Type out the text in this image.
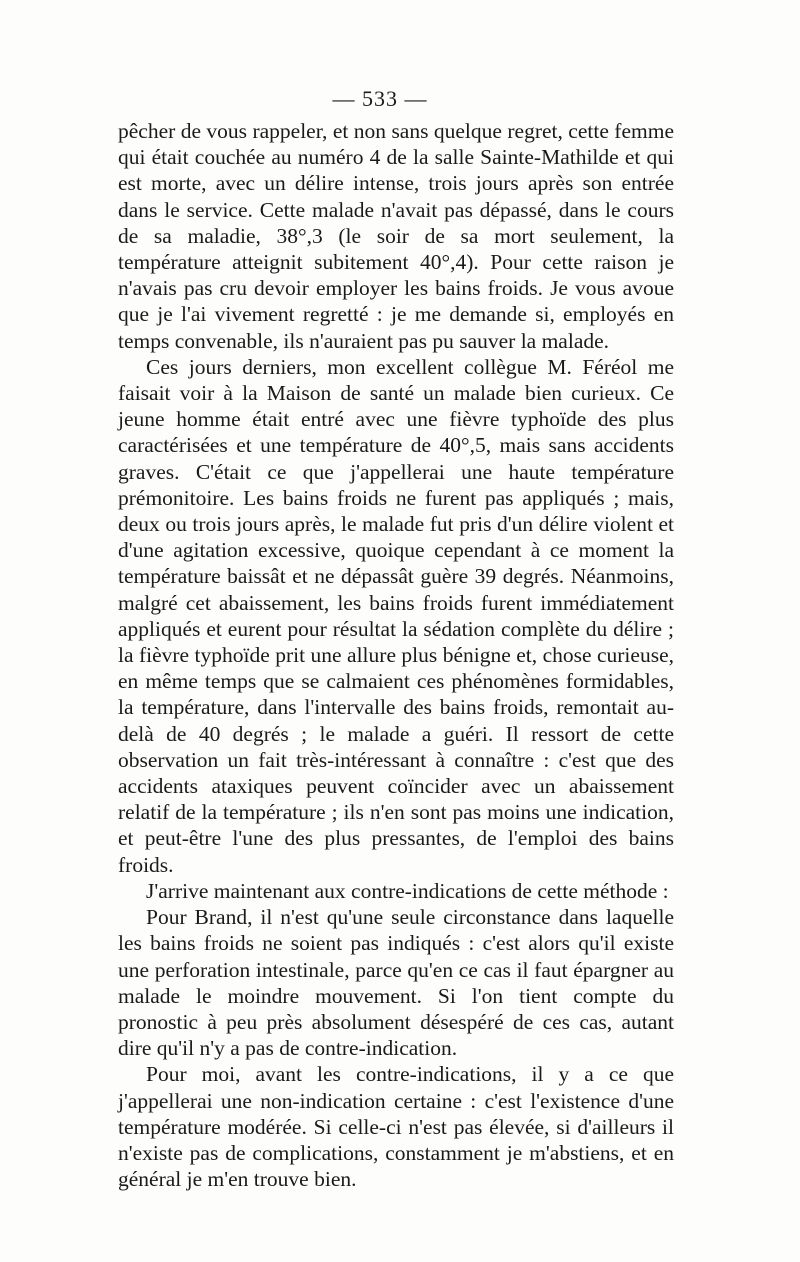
— 533 —

pêcher de vous rappeler, et non sans quelque regret, cette femme qui était couchée au numéro 4 de la salle Sainte-Mathilde et qui est morte, avec un délire intense, trois jours après son entrée dans le service. Cette malade n'avait pas dépassé, dans le cours de sa maladie, 38°,3 (le soir de sa mort seulement, la température atteignit subitement 40°,4). Pour cette raison je n'avais pas cru devoir employer les bains froids. Je vous avoue que je l'ai vivement regretté : je me demande si, employés en temps convenable, ils n'auraient pas pu sauver la malade.

Ces jours derniers, mon excellent collègue M. Féréol me faisait voir à la Maison de santé un malade bien curieux. Ce jeune homme était entré avec une fièvre typhoïde des plus caractérisées et une température de 40°,5, mais sans accidents graves. C'était ce que j'appellerai une haute température prémonitoire. Les bains froids ne furent pas appliqués ; mais, deux ou trois jours après, le malade fut pris d'un délire violent et d'une agitation excessive, quoique cependant à ce moment la température baissât et ne dépassât guère 39 degrés. Néanmoins, malgré cet abaissement, les bains froids furent immédiatement appliqués et eurent pour résultat la sédation complète du délire ; la fièvre typhoïde prit une allure plus bénigne et, chose curieuse, en même temps que se calmaient ces phénomènes formidables, la température, dans l'intervalle des bains froids, remontait au-delà de 40 degrés ; le malade a guéri. Il ressort de cette observation un fait très-intéressant à connaître : c'est que des accidents ataxiques peuvent coïncider avec un abaissement relatif de la température ; ils n'en sont pas moins une indication, et peut-être l'une des plus pressantes, de l'emploi des bains froids.

J'arrive maintenant aux contre-indications de cette méthode :

Pour Brand, il n'est qu'une seule circonstance dans laquelle les bains froids ne soient pas indiqués : c'est alors qu'il existe une perforation intestinale, parce qu'en ce cas il faut épargner au malade le moindre mouvement. Si l'on tient compte du pronostic à peu près absolument désespéré de ces cas, autant dire qu'il n'y a pas de contre-indication.

Pour moi, avant les contre-indications, il y a ce que j'appellerai une non-indication certaine : c'est l'existence d'une température modérée. Si celle-ci n'est pas élevée, si d'ailleurs il n'existe pas de complications, constamment je m'abstiens, et en général je m'en trouve bien.
